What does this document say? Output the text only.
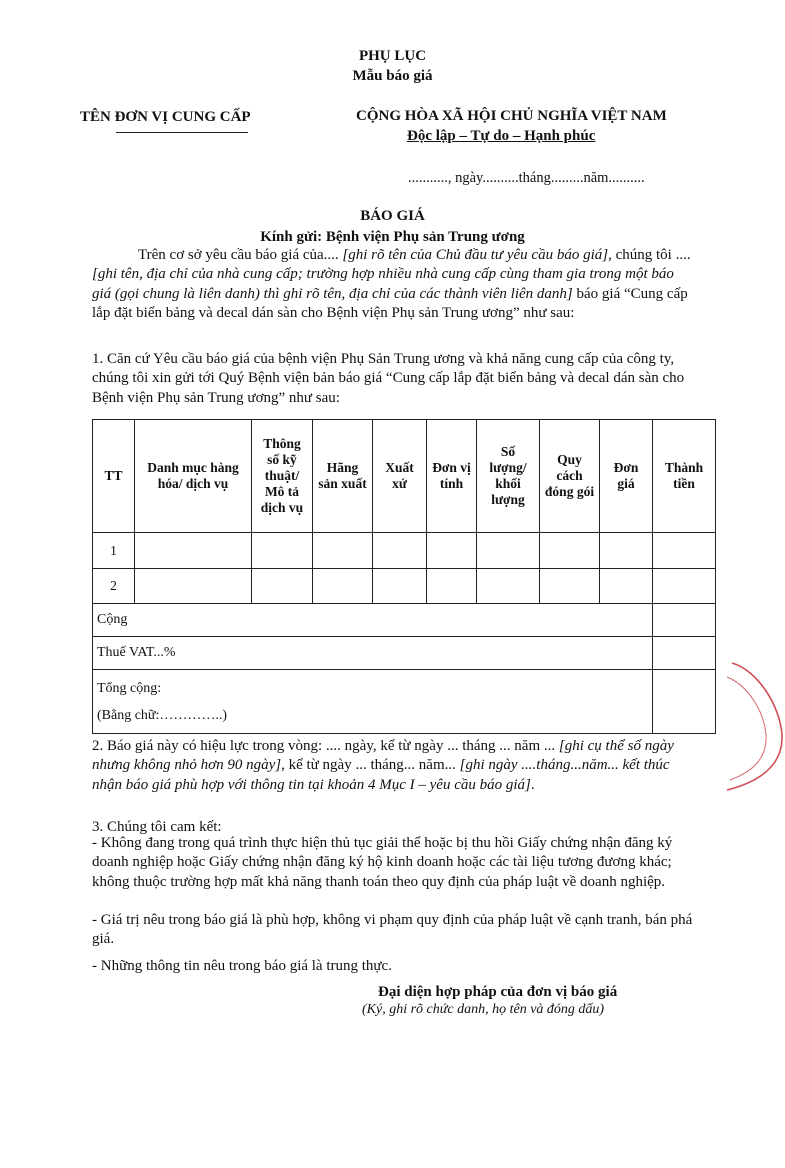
PHỤ LỤC
Mẫu báo giá
TÊN ĐƠN VỊ CUNG CẤP	CỘNG HÒA XÃ HỘI CHỦ NGHĨA VIỆT NAM
Độc lập – Tự do – Hạnh phúc
..........., ngày..........tháng.........năm..........
BÁO GIÁ
Kính gửi: Bệnh viện Phụ sản Trung ương
Trên cơ sở yêu cầu báo giá của.... [ghi rõ tên của Chủ đầu tư yêu cầu báo giá], chúng tôi .... [ghi tên, địa chỉ của nhà cung cấp; trường hợp nhiều nhà cung cấp cùng tham gia trong một báo giá (gọi chung là liên danh) thì ghi rõ tên, địa chỉ của các thành viên liên danh] báo giá “Cung cấp lắp đặt biển bảng và decal dán sàn cho Bệnh viện Phụ sản Trung ương” như sau:
1. Căn cứ Yêu cầu báo giá của bệnh viện Phụ Sản Trung ương và khả năng cung cấp của công ty, chúng tôi xin gửi tới Quý Bệnh viện bản báo giá “Cung cấp lắp đặt biển bảng và decal dán sàn cho Bệnh viện Phụ sản Trung ương” như sau:
TT	Danh mục hàng hóa/ dịch vụ	Thông số kỹ thuật/ Mô tả dịch vụ	Hãng sản xuất	Xuất xứ	Đơn vị tính	Số lượng/ khối lượng	Quy cách đóng gói	Đơn giá	Thành tiền
1									
2									
Cộng									
Thuế VAT...%									

Tổng cộng:
(Bằng chữ:…………..)									

2. Báo giá này có hiệu lực trong vòng: .... ngày, kể từ ngày ... tháng ... năm ... [ghi cụ thể số ngày nhưng không nhỏ hơn 90 ngày], kể từ ngày ... tháng... năm... [ghi ngày ....tháng...năm... kết thúc nhận báo giá phù hợp với thông tin tại khoản 4 Mục I – yêu cầu báo giá].
3. Chúng tôi cam kết:
- Không đang trong quá trình thực hiện thủ tục giải thể hoặc bị thu hồi Giấy chứng nhận đăng ký doanh nghiệp hoặc Giấy chứng nhận đăng ký hộ kinh doanh hoặc các tài liệu tương đương khác; không thuộc trường hợp mất khả năng thanh toán theo quy định của pháp luật về doanh nghiệp.
- Giá trị nêu trong báo giá là phù hợp, không vi phạm quy định của pháp luật về cạnh tranh, bán phá giá.
- Những thông tin nêu trong báo giá là trung thực.
Đại diện hợp pháp của đơn vị báo giá
(Ký, ghi rõ chức danh, họ tên và đóng dấu)
